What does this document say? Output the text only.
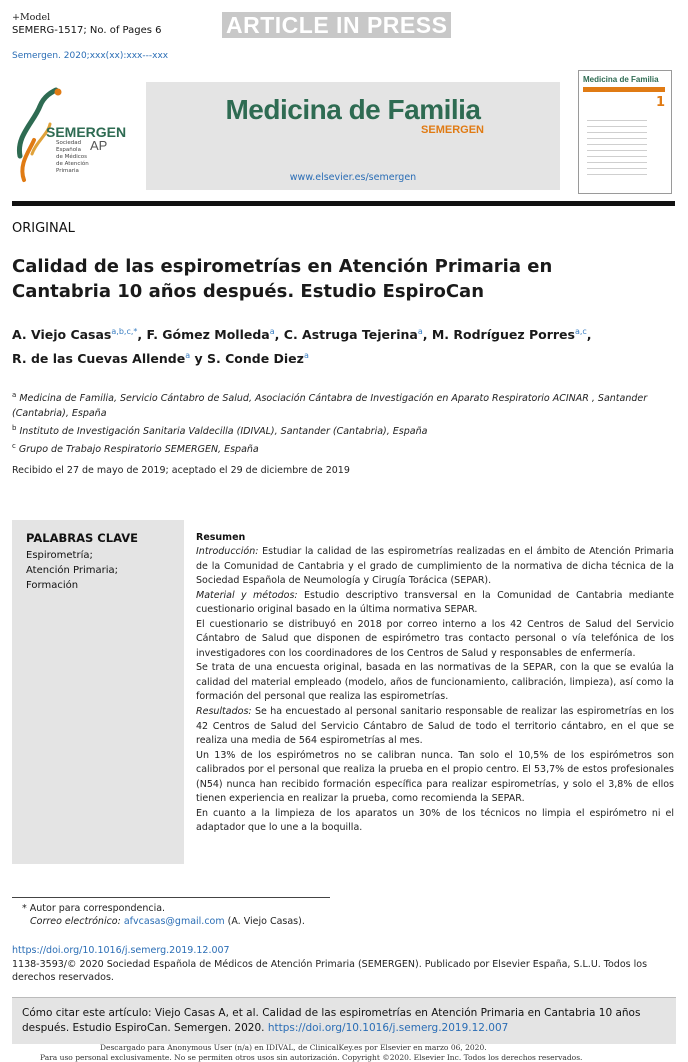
+Model
SEMERG-1517; No. of Pages 6	ARTICLE IN PRESS
Semergen. 2020;xxx(xx):xxx---xxx
SEMERGEN
AP
Sociedad
Española
de Médicos
de Atención
Primaria
Medicina de Familia
SEMERGEN
www.elsevier.es/semergen
Medicina de Familia
1
ORIGINAL
Calidad de las espirometrías en Atención Primaria en Cantabria 10 años después. Estudio EspiroCan
A. Viejo Casas$^{a,b,c,*}$, F. Gómez Molleda$^a$, C. Astruga Tejerina$^a$, M. Rodríguez Porres$^{a,c}$,
R. de las Cuevas Allende$^a$ y S. Conde Diez$^a$
$^a$ Medicina de Familia, Servicio Cántabro de Salud, Asociación Cántabra de Investigación en Aparato Respiratorio ACINAR , Santander (Cantabria), España
$^b$ Instituto de Investigación Sanitaria Valdecilla (IDIVAL), Santander (Cantabria), España
$^c$ Grupo de Trabajo Respiratorio SEMERGEN, España
Recibido el 27 de mayo de 2019; aceptado el 29 de diciembre de 2019
PALABRAS CLAVE
Espirometría;
Atención Primaria;
Formación
Resumen

Introducción: Estudiar la calidad de las espirometrías realizadas en el ámbito de Atención Primaria de la Comunidad de Cantabria y el grado de cumplimiento de la normativa de dicha técnica de la Sociedad Española de Neumología y Cirugía Torácica (SEPAR).

Material y métodos: Estudio descriptivo transversal en la Comunidad de Cantabria mediante cuestionario original basado en la última normativa SEPAR.

El cuestionario se distribuyó en 2018 por correo interno a los 42 Centros de Salud del Servicio Cántabro de Salud que disponen de espirómetro tras contacto personal o vía telefónica de los investigadores con los coordinadores de los Centros de Salud y responsables de enfermería.

Se trata de una encuesta original, basada en las normativas de la SEPAR, con la que se evalúa la calidad del material empleado (modelo, años de funcionamiento, calibración, limpieza), así como la formación del personal que realiza las espirometrías.

Resultados: Se ha encuestado al personal sanitario responsable de realizar las espirometrías en los 42 Centros de Salud del Servicio Cántabro de Salud de todo el territorio cántabro, en el que se realiza una media de 564 espirometrías al mes.

Un 13% de los espirómetros no se calibran nunca. Tan solo el 10,5% de los espirómetros son calibrados por el personal que realiza la prueba en el propio centro. El 53,7% de estos profesionales (N54) nunca han recibido formación específica para realizar espirometrías, y solo el 3,8% de ellos tienen experiencia en realizar la prueba, como recomienda la SEPAR.

En cuanto a la limpieza de los aparatos un 30% de los técnicos no limpia el espirómetro ni el adaptador que lo une a la boquilla.

* Autor para correspondencia.
Correo electrónico: afvcasas@gmail.com (A. Viejo Casas).
https://doi.org/10.1016/j.semerg.2019.12.007
1138-3593/© 2020 Sociedad Española de Médicos de Atención Primaria (SEMERGEN). Publicado por Elsevier España, S.L.U. Todos los derechos reservados.
Cómo citar este artículo: Viejo Casas A, et al. Calidad de las espirometrías en Atención Primaria en Cantabria 10 años después. Estudio EspiroCan. Semergen. 2020. https://doi.org/10.1016/j.semerg.2019.12.007
Descargado para Anonymous User (n/a) en IDIVAL, de ClinicalKey.es por Elsevier en marzo 06, 2020.
Para uso personal exclusivamente. No se permiten otros usos sin autorización. Copyright ©2020. Elsevier Inc. Todos los derechos reservados.
